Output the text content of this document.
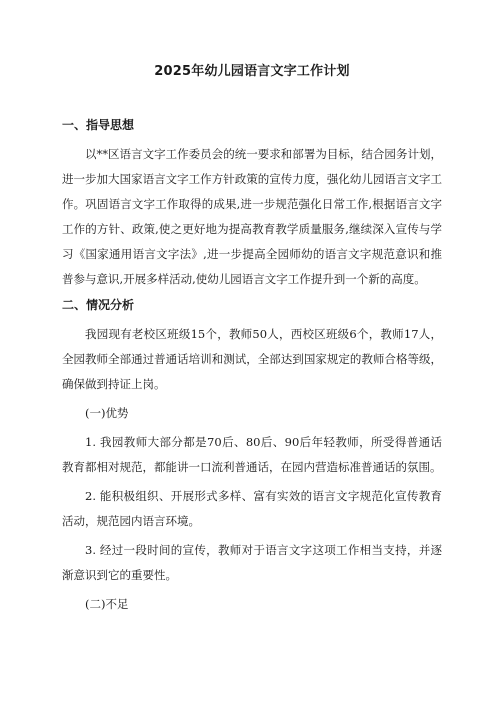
2025年幼儿园语言文字工作计划
一、指导思想

以**区语言文字工作委员会的统一要求和部署为目标，结合园务计划，进一步加大国家语言文字工作方针政策的宣传力度，强化幼儿园语言文字工作。巩固语言文字工作取得的成果,进一步规范强化日常工作,根据语言文字工作的方针、政策,使之更好地为提高教育教学质量服务,继续深入宣传与学习《国家通用语言文字法》,进一步提高全园师幼的语言文字规范意识和推普参与意识,开展多样活动,使幼儿园语言文字工作提升到一个新的高度。

二、情况分析

我园现有老校区班级15个，教师50人，西校区班级6个，教师17人，全园教师全部通过普通话培训和测试，全部达到国家规定的教师合格等级，确保做到持证上岗。

(一)优势

1. 我园教师大部分都是70后、80后、90后年轻教师，所受得普通话教育都相对规范，都能讲一口流利普通话，在园内营造标准普通话的氛围。

2. 能积极组织、开展形式多样、富有实效的语言文字规范化宣传教育活动，规范园内语言环境。

3. 经过一段时间的宣传，教师对于语言文字这项工作相当支持，并逐渐意识到它的重要性。

(二)不足
